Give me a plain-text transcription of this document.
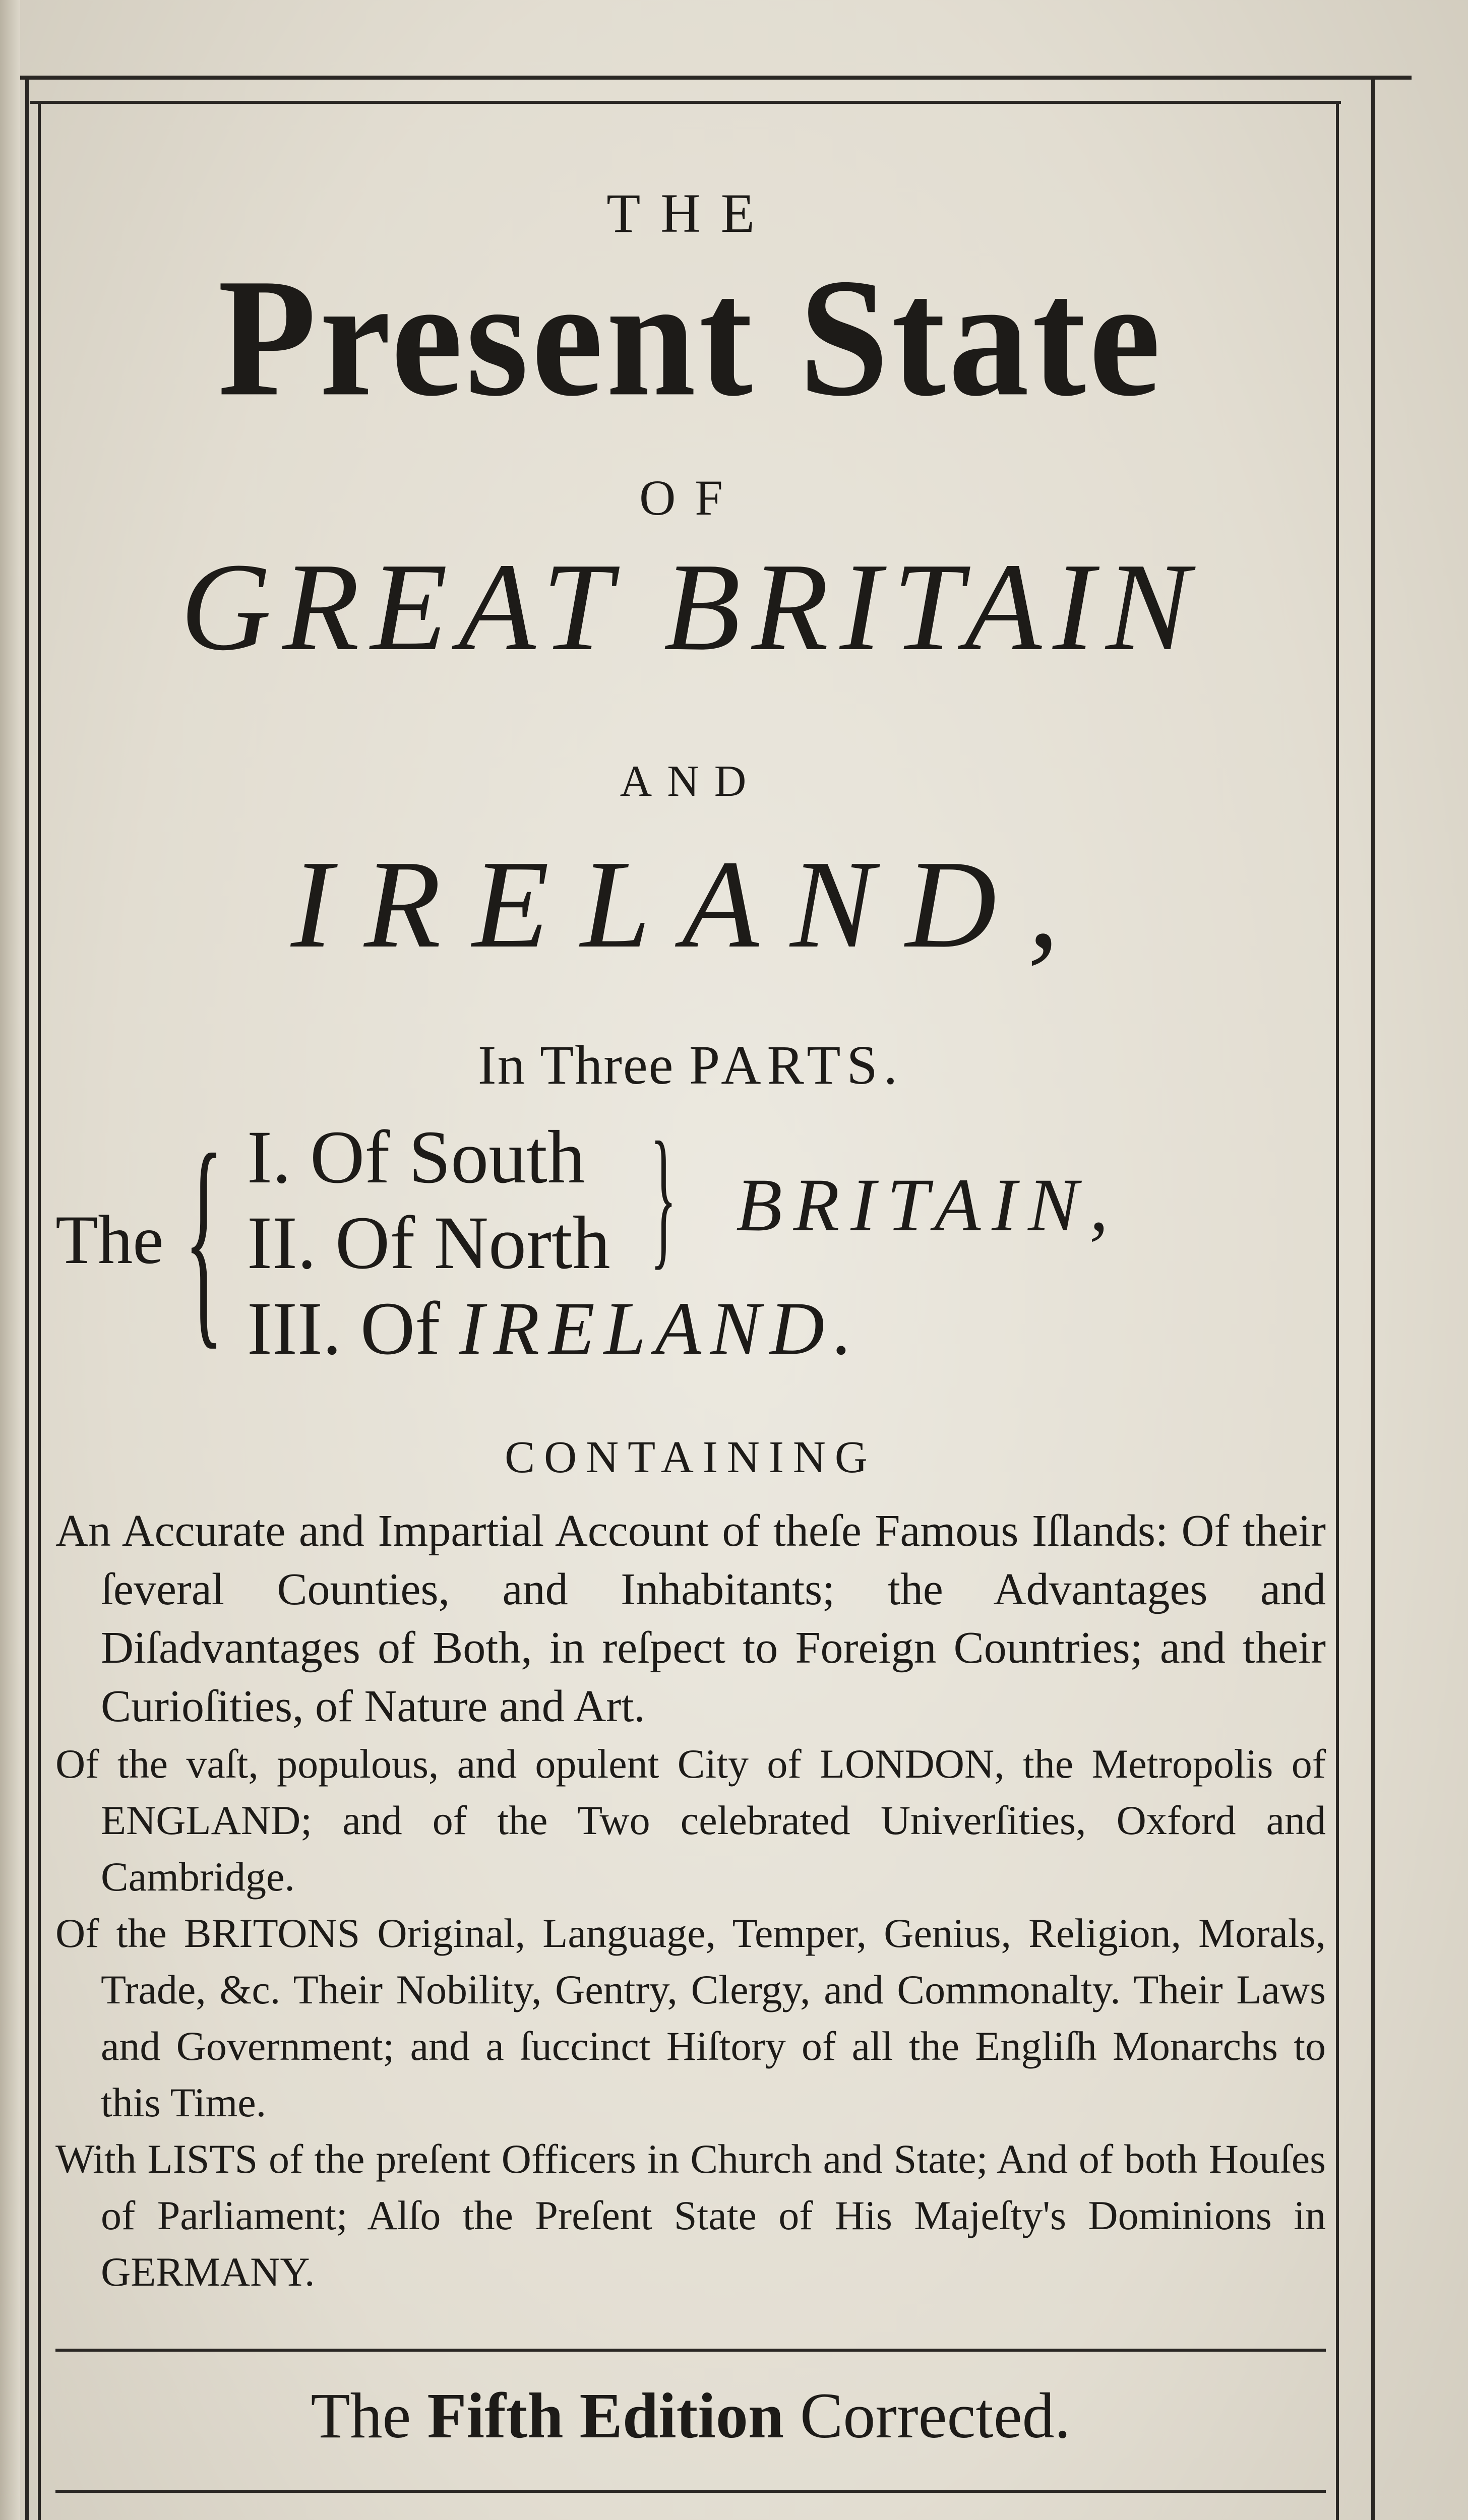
THE
Present State
OF
GREAT BRITAIN
AND
IRELAND,
In Three PARTS.
The { I. Of South
II. Of North
III. Of IRELAND.
} BRITAIN,
CONTAINING

An Accurate and Impartial Account of theſe Famous Iſlands: Of their ſeveral Counties, and Inhabitants; the Advantages and Diſadvantages of Both, in reſpect to Foreign Countries; and their Curioſities, of Nature and Art.

Of the vaſt, populous, and opulent City of LONDON, the Metropolis of ENGLAND; and of the Two celebrated Univerſities, Oxford and Cambridge.

Of the BRITONS Original, Language, Temper, Genius, Religion, Morals, Trade, &c. Their Nobility, Gentry, Clergy, and Commonalty. Their Laws and Government; and a ſuccinct Hiſtory of all the Engliſh Monarchs to this Time.

With LISTS of the preſent Officers in Church and State; And of both Houſes of Parliament; Alſo the Preſent State of His Majeſty's Dominions in GERMANY.

The Fifth Edition Corrected.
